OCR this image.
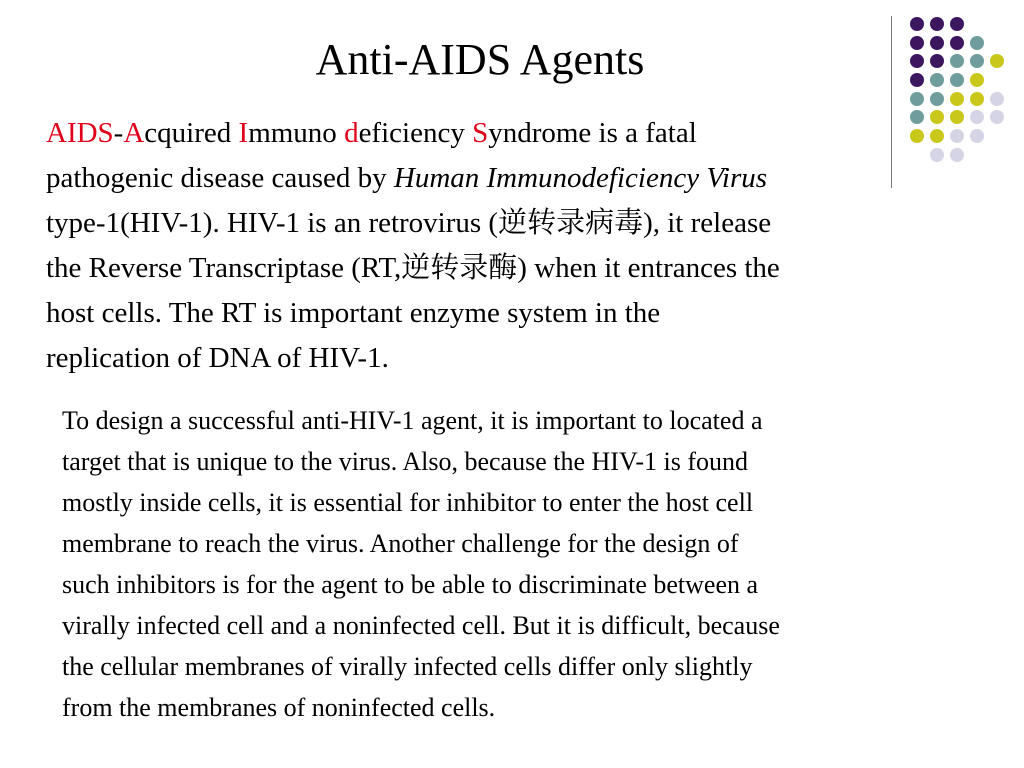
Anti-AIDS Agents
AIDS-Acquired Immuno deficiency Syndrome is a fatal
pathogenic disease caused by Human Immunodeficiency Virus
type-1(HIV-1). HIV-1 is an retrovirus (逆转录病毒), it release
the Reverse Transcriptase (RT,逆转录酶) when it entrances the
host cells. The RT is important enzyme system in the
replication of DNA of HIV-1.
To design a successful anti-HIV-1 agent, it is important to located a
target that is unique to the virus. Also, because the HIV-1 is found
mostly inside cells, it is essential for inhibitor to enter the host cell
membrane to reach the virus. Another challenge for the design of
such inhibitors is for the agent to be able to discriminate between a
virally infected cell and a noninfected cell. But it is difficult, because
the cellular membranes of virally infected cells differ only slightly
from the membranes of noninfected cells.
